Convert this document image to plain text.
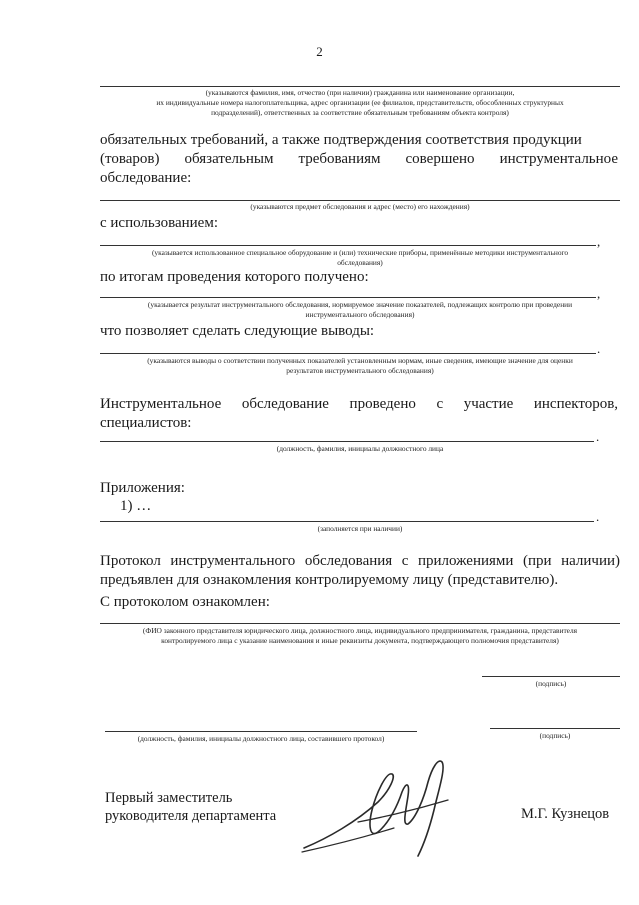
2
(указываются фамилия, имя, отчество (при наличии) гражданина или наименование организации,
их индивидуальные номера налогоплательщика, адрес организации (ее филиалов, представительств, обособленных структурных
подразделений), ответственных за соответствие обязательным требованиям объекта контроля)
обязательных требований, а также подтверждения соответствия продукции
(товаров) обязательным требованиям совершено инструментальное
обследование:
(указываются предмет обследования и адрес (место) его нахождения)
с использованием:
,
(указывается использованное специальное оборудование и (или) технические приборы, применённые методики инструментального
обследования)
по итогам проведения которого получено:
,
(указывается результат инструментального обследования, нормируемое значение показателей, подлежащих контролю при проведении
инструментального обследования)
что позволяет сделать следующие выводы:
.
(указываются выводы о соответствии полученных показателей установленным нормам, иные сведения, имеющие значение для оценки
результатов инструментального обследования)
Инструментальное обследование проведено с участие инспекторов,
специалистов:
.
(должность, фамилия, инициалы должностного лица
Приложения:
1) …
.
(заполняется при наличии)
Протокол инструментального обследования с приложениями (при наличии)
предъявлен для ознакомления контролируемому лицу (представителю).
С протоколом ознакомлен:
(ФИО законного представителя юридического лица, должностного лица, индивидуального предпринимателя, гражданина, представителя
контролируемого лица с указание наименования и иные реквизиты документа, подтверждающего полномочия представителя)
(подпись)
(должность, фамилия, инициалы должностного лица, составившего протокол)	(подпись)
Первый заместитель
руководителя департамента	М.Г. Кузнецов
